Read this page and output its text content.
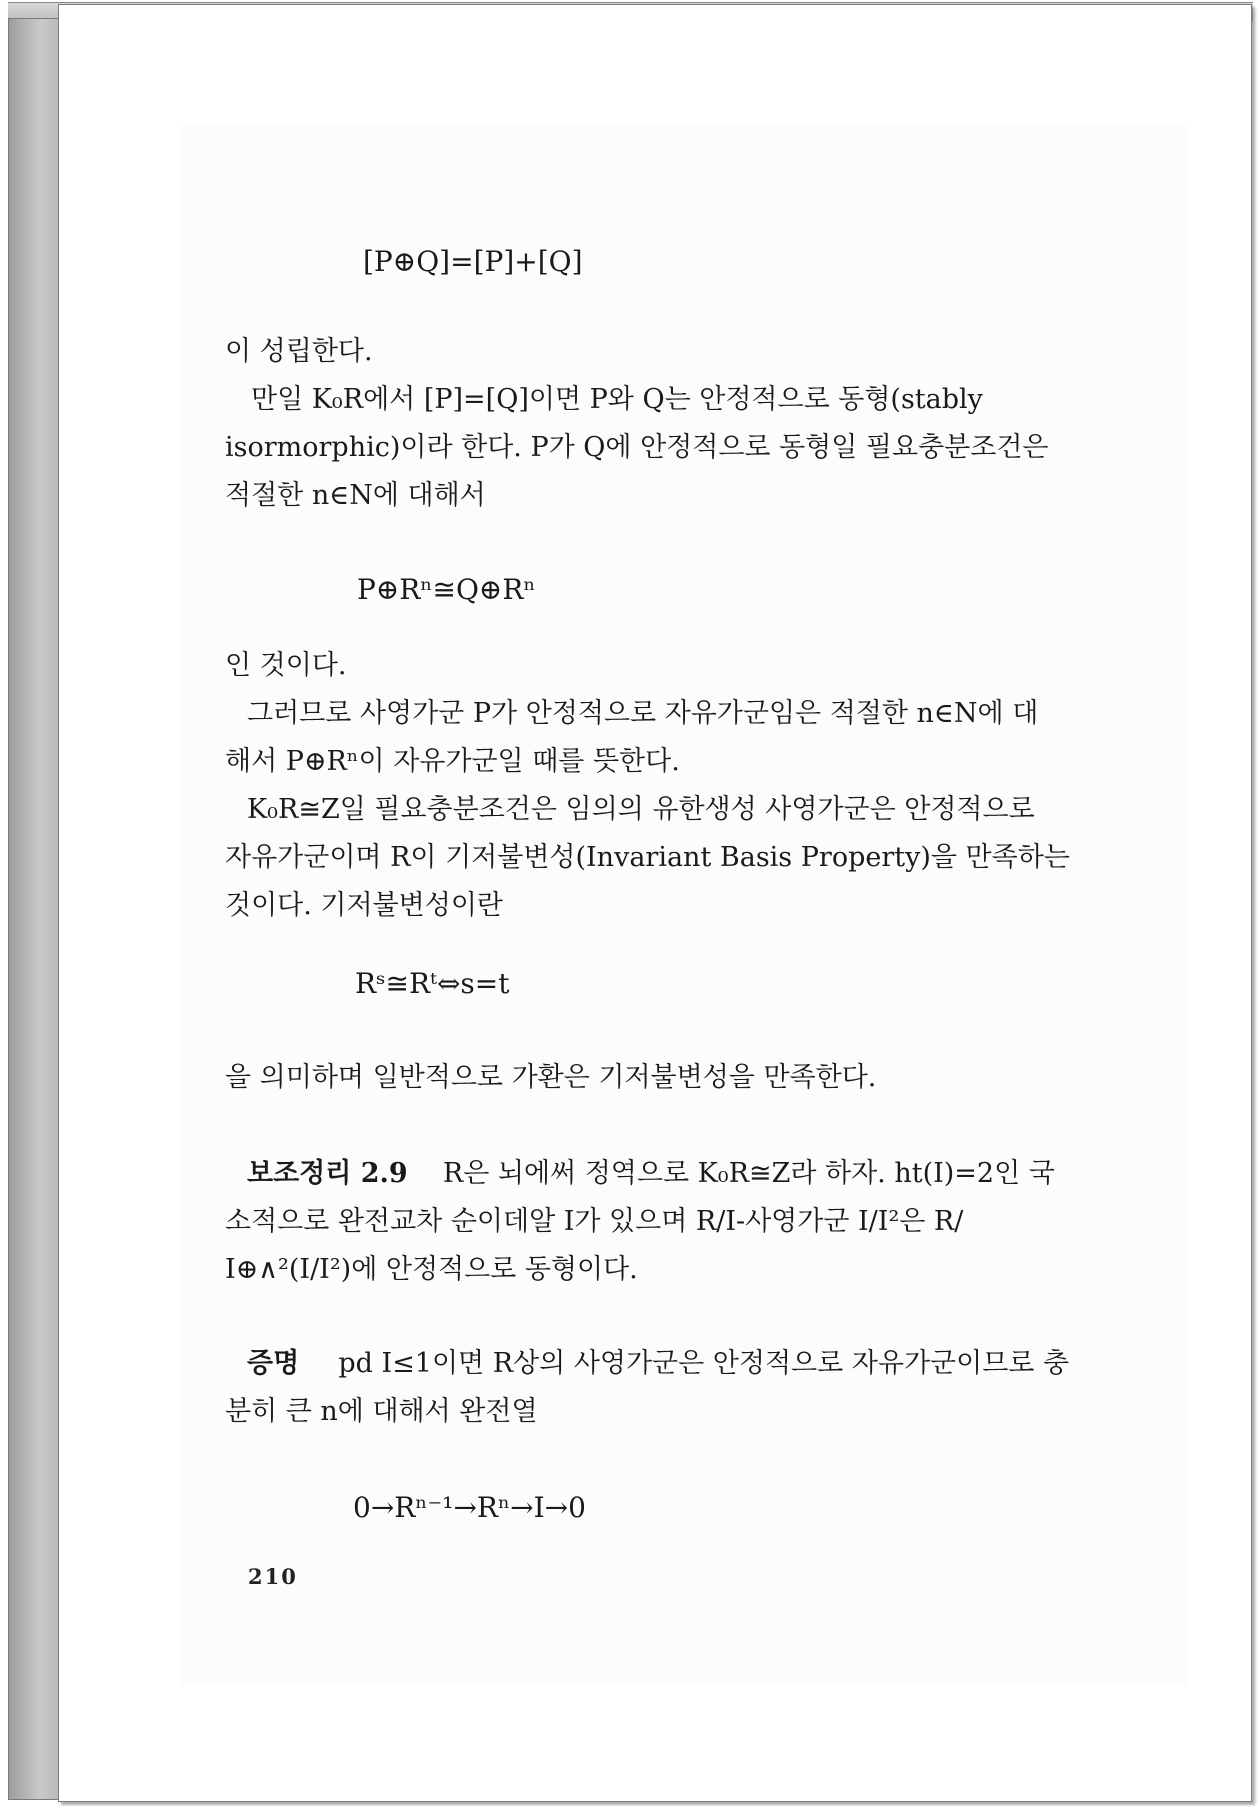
[P⊕Q]=[P]+[Q]
이 성립한다.
만일 K₀R에서 [P]=[Q]이면 P와 Q는 안정적으로 동형(stably
isormorphic)이라 한다. P가 Q에 안정적으로 동형일 필요충분조건은
적절한 n∈N에 대해서
P⊕Rⁿ≅Q⊕Rⁿ
인 것이다.
그러므로 사영가군 P가 안정적으로 자유가군임은 적절한 n∈N에 대
해서 P⊕Rⁿ이 자유가군일 때를 뜻한다.
K₀R≅Z일 필요충분조건은 임의의 유한생성 사영가군은 안정적으로
자유가군이며 R이 기저불변성(Invariant Basis Property)을 만족하는
것이다. 기저불변성이란
Rˢ≅Rᵗ⇔s=t
을 의미하며 일반적으로 가환은 기저불변성을 만족한다.
보조정리 2.9 R은 뇌에써 정역으로 K₀R≅Z라 하자. ht(I)=2인 국
소적으로 완전교차 순이데알 I가 있으며 R/I-사영가군 I/I²은 R/
I⊕∧²(I/I²)에 안정적으로 동형이다.
증명 pd I≤1이면 R상의 사영가군은 안정적으로 자유가군이므로 충
분히 큰 n에 대해서 완전열
0→Rⁿ⁻¹→Rⁿ→I→0
210
